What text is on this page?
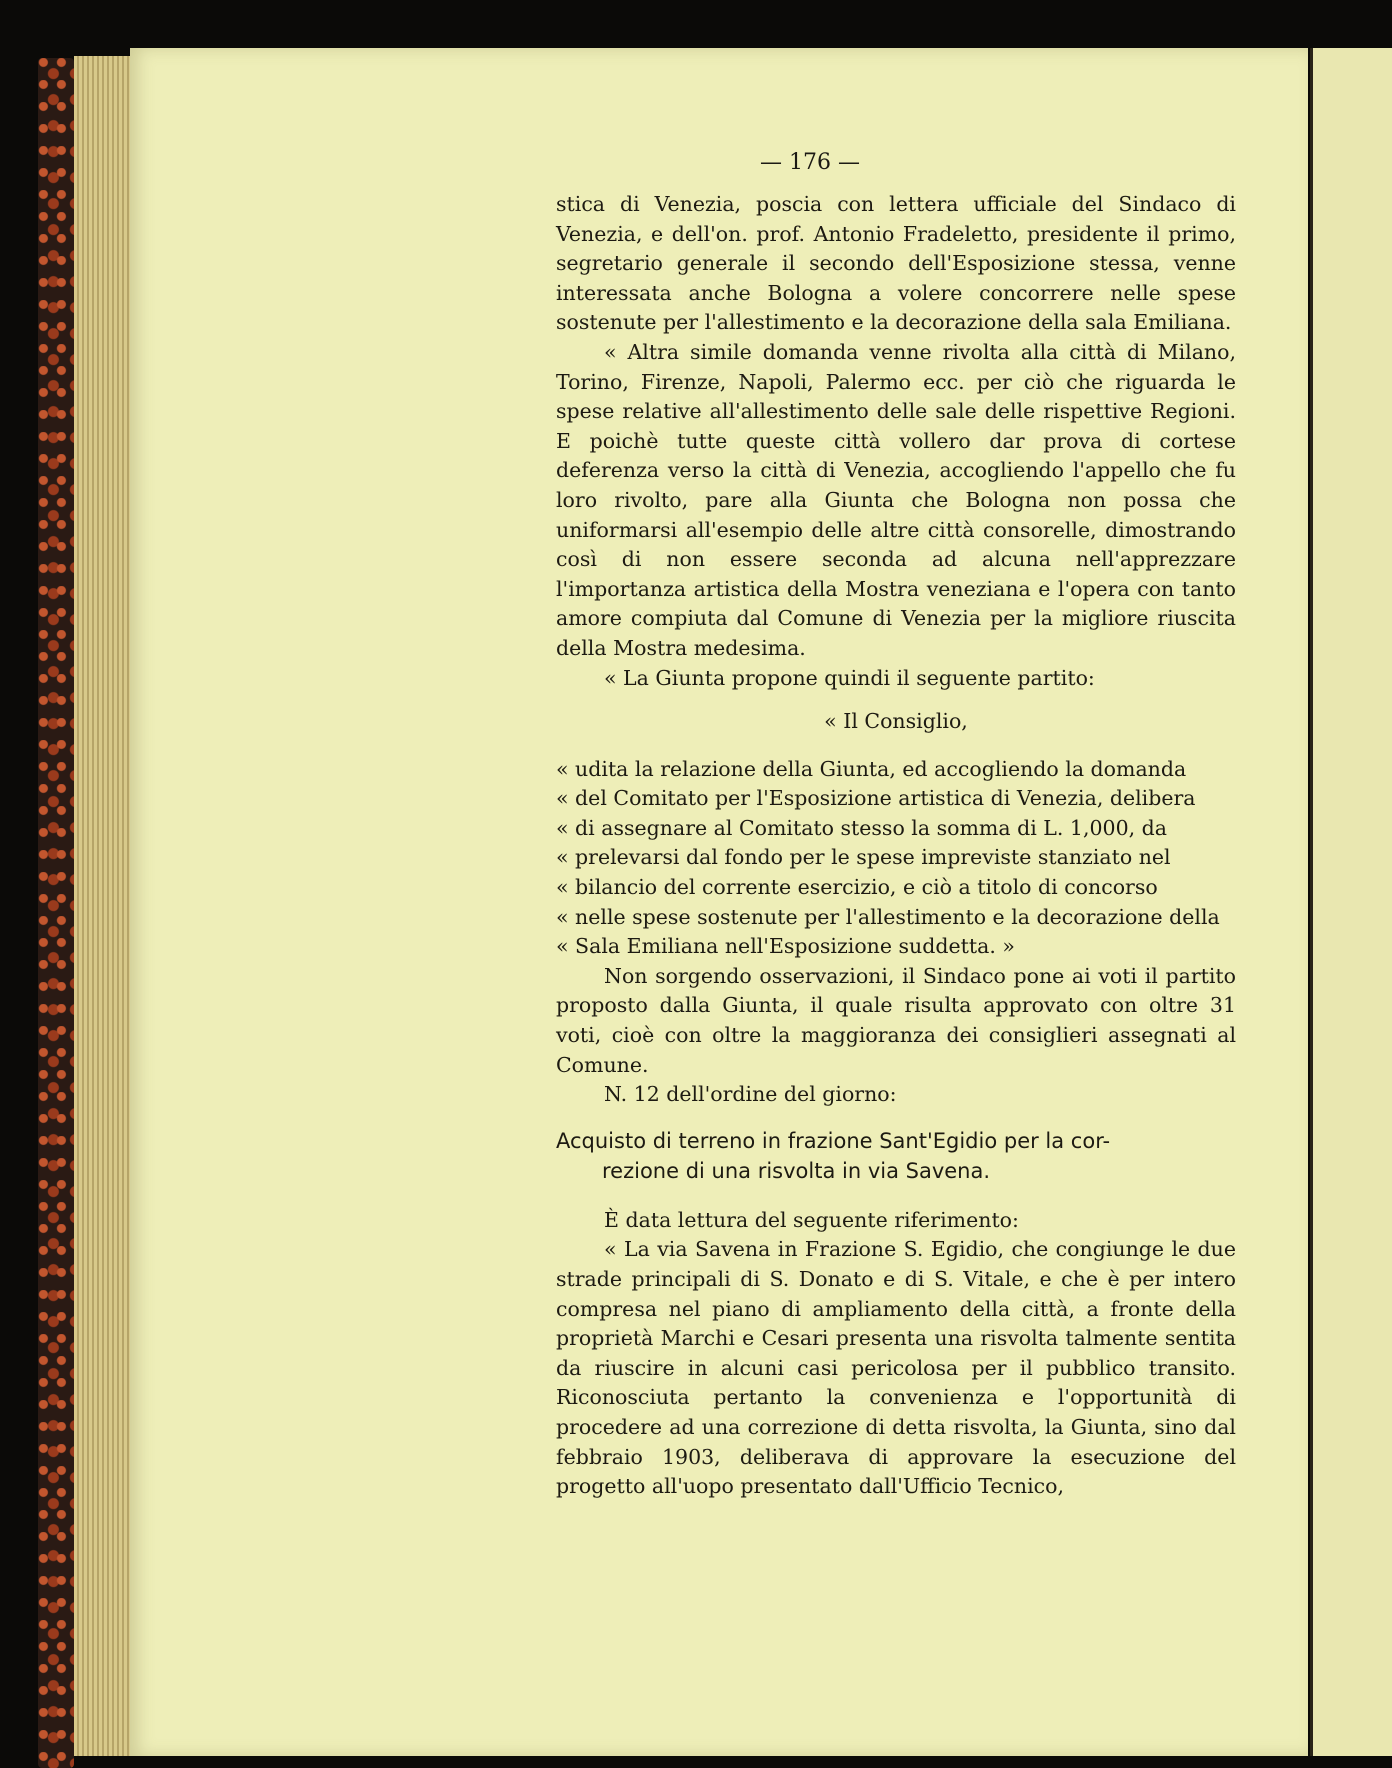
— 176 —

stica di Venezia, poscia con lettera ufficiale del Sindaco di Venezia, e dell'on. prof. Antonio Fradeletto, presidente il primo, segretario generale il secondo dell'Esposizione stessa, venne interessata anche Bologna a volere concorrere nelle spese sostenute per l'allestimento e la decorazione della sala Emiliana.

« Altra simile domanda venne rivolta alla città di Milano, Torino, Firenze, Napoli, Palermo ecc. per ciò che riguarda le spese relative all'allestimento delle sale delle rispettive Regioni. E poichè tutte queste città vollero dar prova di cortese deferenza verso la città di Venezia, accogliendo l'appello che fu loro rivolto, pare alla Giunta che Bologna non possa che uniformarsi all'esempio delle altre città consorelle, dimostrando così di non essere seconda ad alcuna nell'apprezzare l'importanza artistica della Mostra veneziana e l'opera con tanto amore compiuta dal Comune di Venezia per la migliore riuscita della Mostra medesima.

« La Giunta propone quindi il seguente partito:

« Il Consiglio,

« udita la relazione della Giunta, ed accogliendo la domanda

« del Comitato per l'Esposizione artistica di Venezia, delibera

« di assegnare al Comitato stesso la somma di L. 1,000, da

« prelevarsi dal fondo per le spese impreviste stanziato nel

« bilancio del corrente esercizio, e ciò a titolo di concorso

« nelle spese sostenute per l'allestimento e la decorazione della

« Sala Emiliana nell'Esposizione suddetta. »

Non sorgendo osservazioni, il Sindaco pone ai voti il partito proposto dalla Giunta, il quale risulta approvato con oltre 31 voti, cioè con oltre la maggioranza dei consiglieri assegnati al Comune.

N. 12 dell'ordine del giorno:

Acquisto di terreno in frazione Sant'Egidio per la cor-
rezione di una risvolta in via Savena.

È data lettura del seguente riferimento:

« La via Savena in Frazione S. Egidio, che congiunge le due strade principali di S. Donato e di S. Vitale, e che è per intero compresa nel piano di ampliamento della città, a fronte della proprietà Marchi e Cesari presenta una risvolta talmente sentita da riuscire in alcuni casi pericolosa per il pubblico transito. Riconosciuta pertanto la convenienza e l'opportunità di procedere ad una correzione di detta risvolta, la Giunta, sino dal febbraio 1903, deliberava di approvare la esecuzione del progetto all'uopo presentato dall'Ufficio Tecnico,
